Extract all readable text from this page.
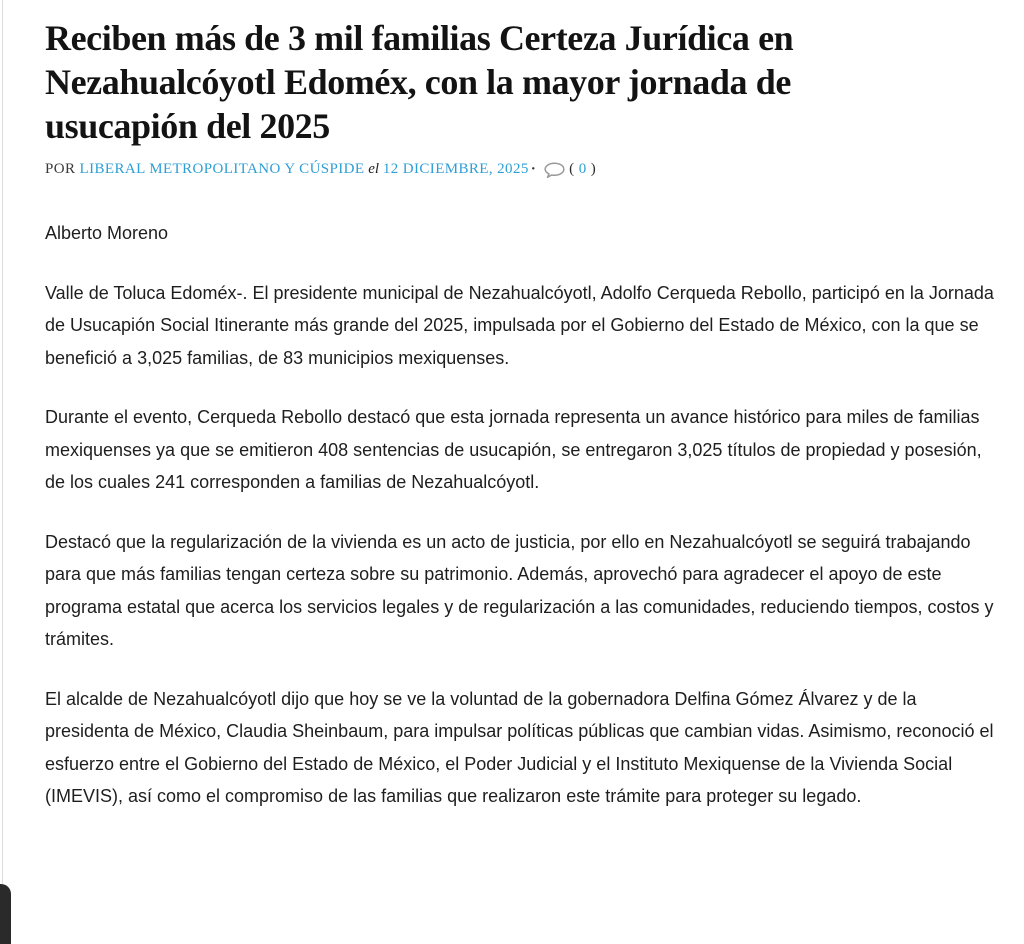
Reciben más de 3 mil familias Certeza Jurídica en Nezahualcóyotl Edoméx, con la mayor jornada de usucapión del 2025
POR LIBERAL METROPOLITANO Y CÚSPIDE el 12 DICIEMBRE, 2025 · ( 0 )

Alberto Moreno

Valle de Toluca Edoméx-. El presidente municipal de Nezahualcóyotl, Adolfo Cerqueda Rebollo, participó en la Jornada de Usucapión Social Itinerante más grande del 2025, impulsada por el Gobierno del Estado de México, con la que se benefició a 3,025 familias, de 83 municipios mexiquenses.

Durante el evento, Cerqueda Rebollo destacó que esta jornada representa un avance histórico para miles de familias mexiquenses ya que se emitieron 408 sentencias de usucapión, se entregaron 3,025 títulos de propiedad y posesión, de los cuales 241 corresponden a familias de Nezahualcóyotl.

Destacó que la regularización de la vivienda es un acto de justicia, por ello en Nezahualcóyotl se seguirá trabajando para que más familias tengan certeza sobre su patrimonio. Además, aprovechó para agradecer el apoyo de este programa estatal que acerca los servicios legales y de regularización a las comunidades, reduciendo tiempos, costos y trámites.

El alcalde de Nezahualcóyotl dijo que hoy se ve la voluntad de la gobernadora Delfina Gómez Álvarez y de la presidenta de México, Claudia Sheinbaum, para impulsar políticas públicas que cambian vidas. Asimismo, reconoció el esfuerzo entre el Gobierno del Estado de México, el Poder Judicial y el Instituto Mexiquense de la Vivienda Social (IMEVIS), así como el compromiso de las familias que realizaron este trámite para proteger su legado.
